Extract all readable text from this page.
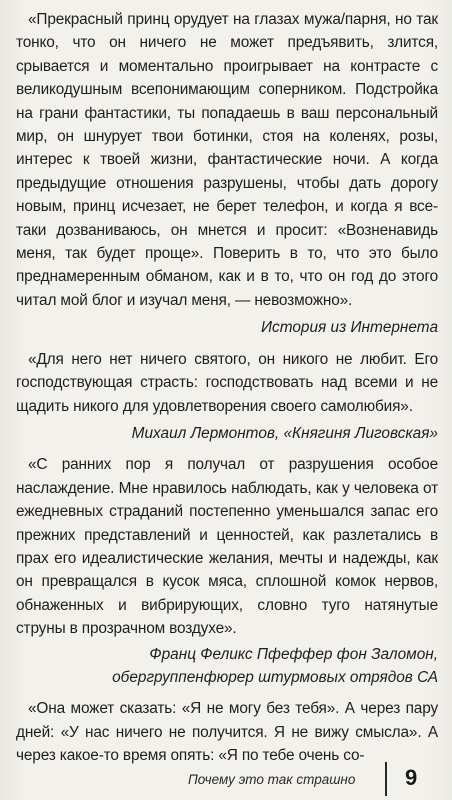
«Прекрасный принц орудует на глазах мужа/парня, но так тонко, что он ничего не может предъявить, злится, срывается и моментально проигрывает на контрасте с великодушным всепонимающим соперником. Подстройка на грани фантастики, ты попадаешь в ваш персональный мир, он шнурует твои ботинки, стоя на коленях, розы, интерес к твоей жизни, фантастические ночи. А когда предыдущие отношения разрушены, чтобы дать дорогу новым, принц исчезает, не берет телефон, и когда я все-таки дозваниваюсь, он мнется и просит: «Возненавидь меня, так будет проще». Поверить в то, что это было преднамеренным обманом, как и в то, что он год до этого читал мой блог и изучал меня, — невозможно».

История из Интернета

«Для него нет ничего святого, он никого не любит. Его господствующая страсть: господствовать над всеми и не щадить никого для удовлетворения своего самолюбия».

Михаил Лермонтов, «Княгиня Лиговская»

«С ранних пор я получал от разрушения особое наслаждение. Мне нравилось наблюдать, как у человека от ежедневных страданий постепенно уменьшался запас его прежних представлений и ценностей, как разлетались в прах его идеалистические желания, мечты и надежды, как он превращался в кусок мяса, сплошной комок нервов, обнаженных и вибрирующих, словно туго натянутые струны в прозрачном воздухе».

Франц Феликс Пфеффер фон Заломон,
обергруппенфюрер штурмовых отрядов СА

«Она может сказать: «Я не могу без тебя». А через пару дней: «У нас ничего не получится. Я не вижу смысла». А через какое-то время опять: «Я по тебе очень со-

Почему это так страшно 9
